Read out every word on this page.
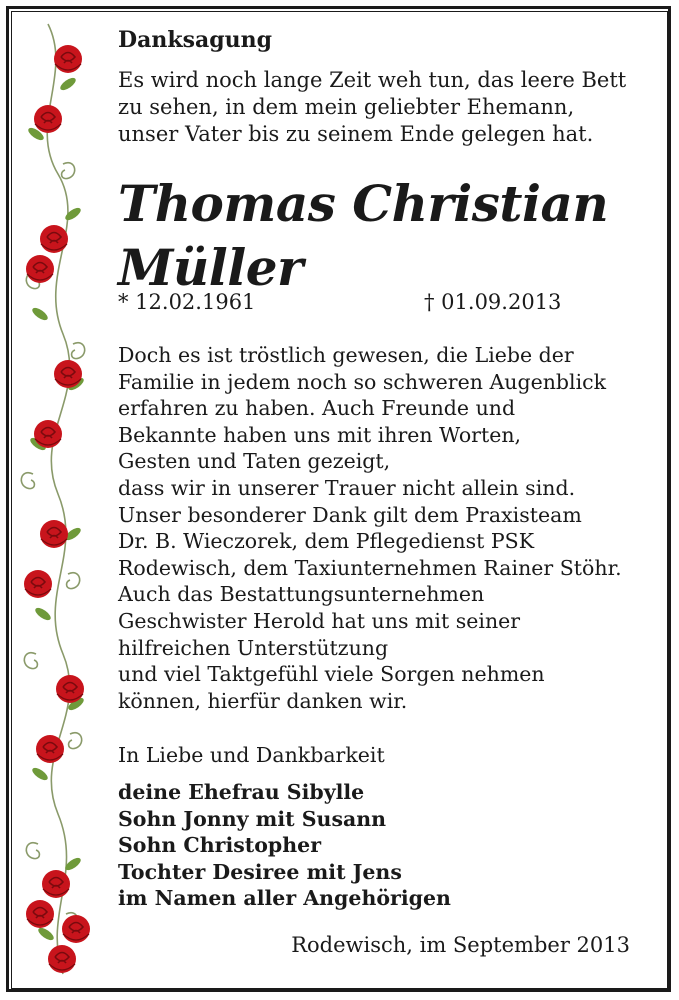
Danksagung
Es wird noch lange Zeit weh tun, das leere Bett
zu sehen, in dem mein geliebter Ehemann,
unser Vater bis zu seinem Ende gelegen hat.
Thomas Christian
Müller
* 12.02.1961	† 01.09.2013
Doch es ist tröstlich gewesen, die Liebe der
Familie in jedem noch so schweren Augenblick
erfahren zu haben. Auch Freunde und
Bekannte haben uns mit ihren Worten,
Gesten und Taten gezeigt,
dass wir in unserer Trauer nicht allein sind.
Unser besonderer Dank gilt dem Praxisteam
Dr. B. Wieczorek, dem Pflegedienst PSK
Rodewisch, dem Taxiunternehmen Rainer Stöhr.
Auch das Bestattungsunternehmen
Geschwister Herold hat uns mit seiner
hilfreichen Unterstützung
und viel Taktgefühl viele Sorgen nehmen
können, hierfür danken wir.
In Liebe und Dankbarkeit
deine Ehefrau Sibylle
Sohn Jonny mit Susann
Sohn Christopher
Tochter Desiree mit Jens
im Namen aller Angehörigen
Rodewisch, im September 2013
